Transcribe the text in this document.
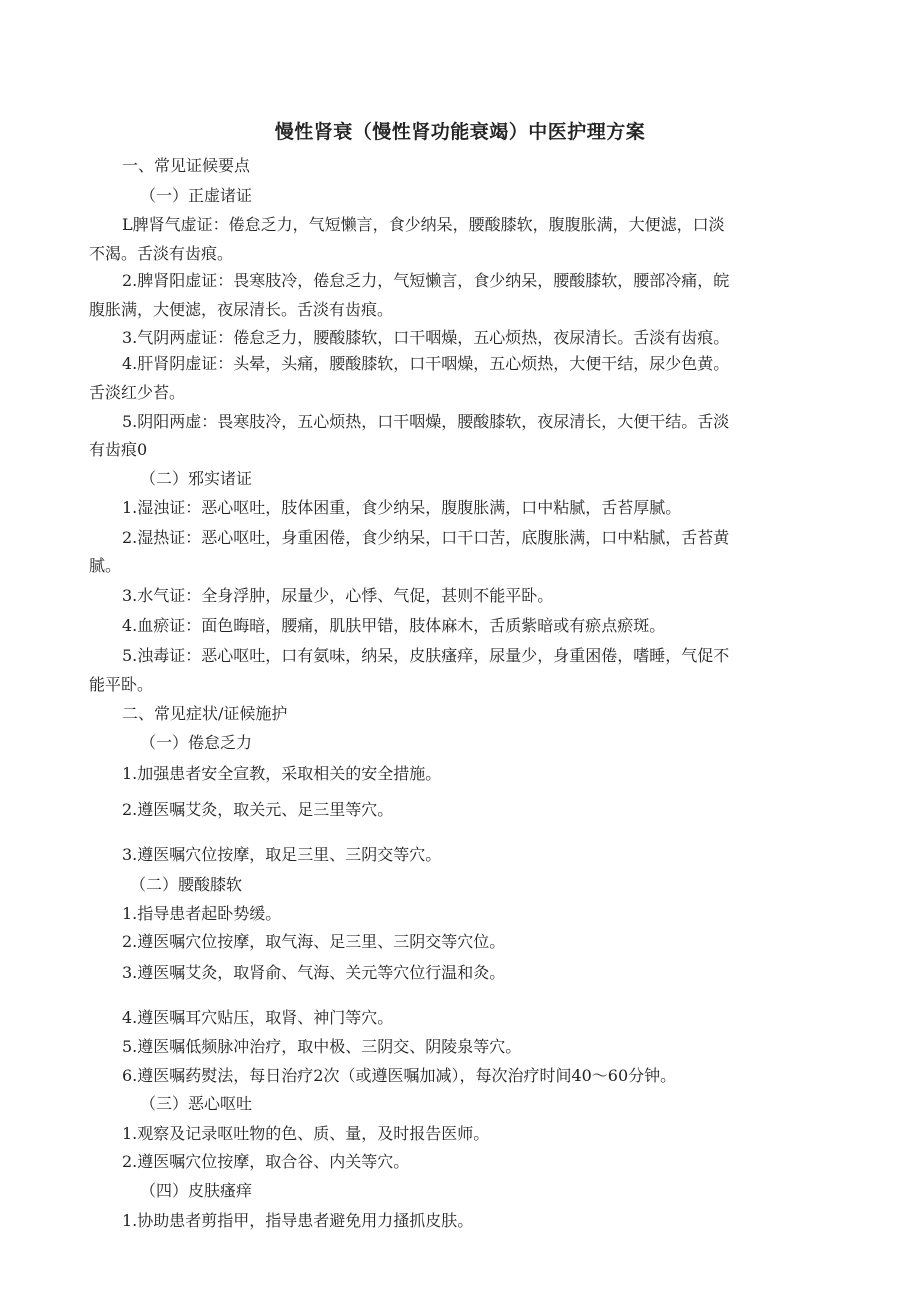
慢性肾衰（慢性肾功能衰竭）中医护理方案
一、常见证候要点
（一）正虚诸证
L脾肾气虚证：倦怠乏力，气短懒言，食少纳呆，腰酸膝软，腹腹胀满，大便滤，口淡
不渴。舌淡有齿痕。
2.脾肾阳虚证：畏寒肢冷，倦怠乏力，气短懒言，食少纳呆，腰酸膝软，腰部冷痛，皖
腹胀满，大便滤，夜尿清长。舌淡有齿痕。
3.气阴两虚证：倦怠乏力，腰酸膝软，口干咽燥，五心烦热，夜尿清长。舌淡有齿痕。
4.肝肾阴虚证：头晕，头痛，腰酸膝软，口干咽燥，五心烦热，大便干结，尿少色黄。
舌淡红少苔。
5.阴阳两虚：畏寒肢冷，五心烦热，口干咽燥，腰酸膝软，夜尿清长，大便干结。舌淡
有齿痕0
（二）邪实诸证
1.湿浊证：恶心呕吐，肢体困重，食少纳呆，腹腹胀满，口中粘腻，舌苔厚腻。
2.湿热证：恶心呕吐，身重困倦，食少纳呆，口干口苦，底腹胀满，口中粘腻，舌苔黄
腻。
3.水气证：全身浮肿，尿量少，心悸、气促，甚则不能平卧。
4.血瘀证：面色晦暗，腰痛，肌肤甲错，肢体麻木，舌质紫暗或有瘀点瘀斑。
5.浊毒证：恶心呕吐，口有氨味，纳呆，皮肤瘙痒，尿量少，身重困倦，嗜睡，气促不
能平卧。
二、常见症状/证候施护
（一）倦怠乏力
1.加强患者安全宣教，采取相关的安全措施。
2.遵医嘱艾灸，取关元、足三里等穴。
3.遵医嘱穴位按摩，取足三里、三阴交等穴。
（二）腰酸膝软
1.指导患者起卧势缓。
2.遵医嘱穴位按摩，取气海、足三里、三阴交等穴位。
3.遵医嘱艾灸，取肾俞、气海、关元等穴位行温和灸。
4.遵医嘱耳穴贴压，取肾、神门等穴。
5.遵医嘱低频脉冲治疗，取中极、三阴交、阴陵泉等穴。
6.遵医嘱药熨法，每日治疗2次（或遵医嘱加减），每次治疗时间40～60分钟。
（三）恶心呕吐
1.观察及记录呕吐物的色、质、量，及时报告医师。
2.遵医嘱穴位按摩，取合谷、内关等穴。
（四）皮肤瘙痒
1.协助患者剪指甲，指导患者避免用力搔抓皮肤。
